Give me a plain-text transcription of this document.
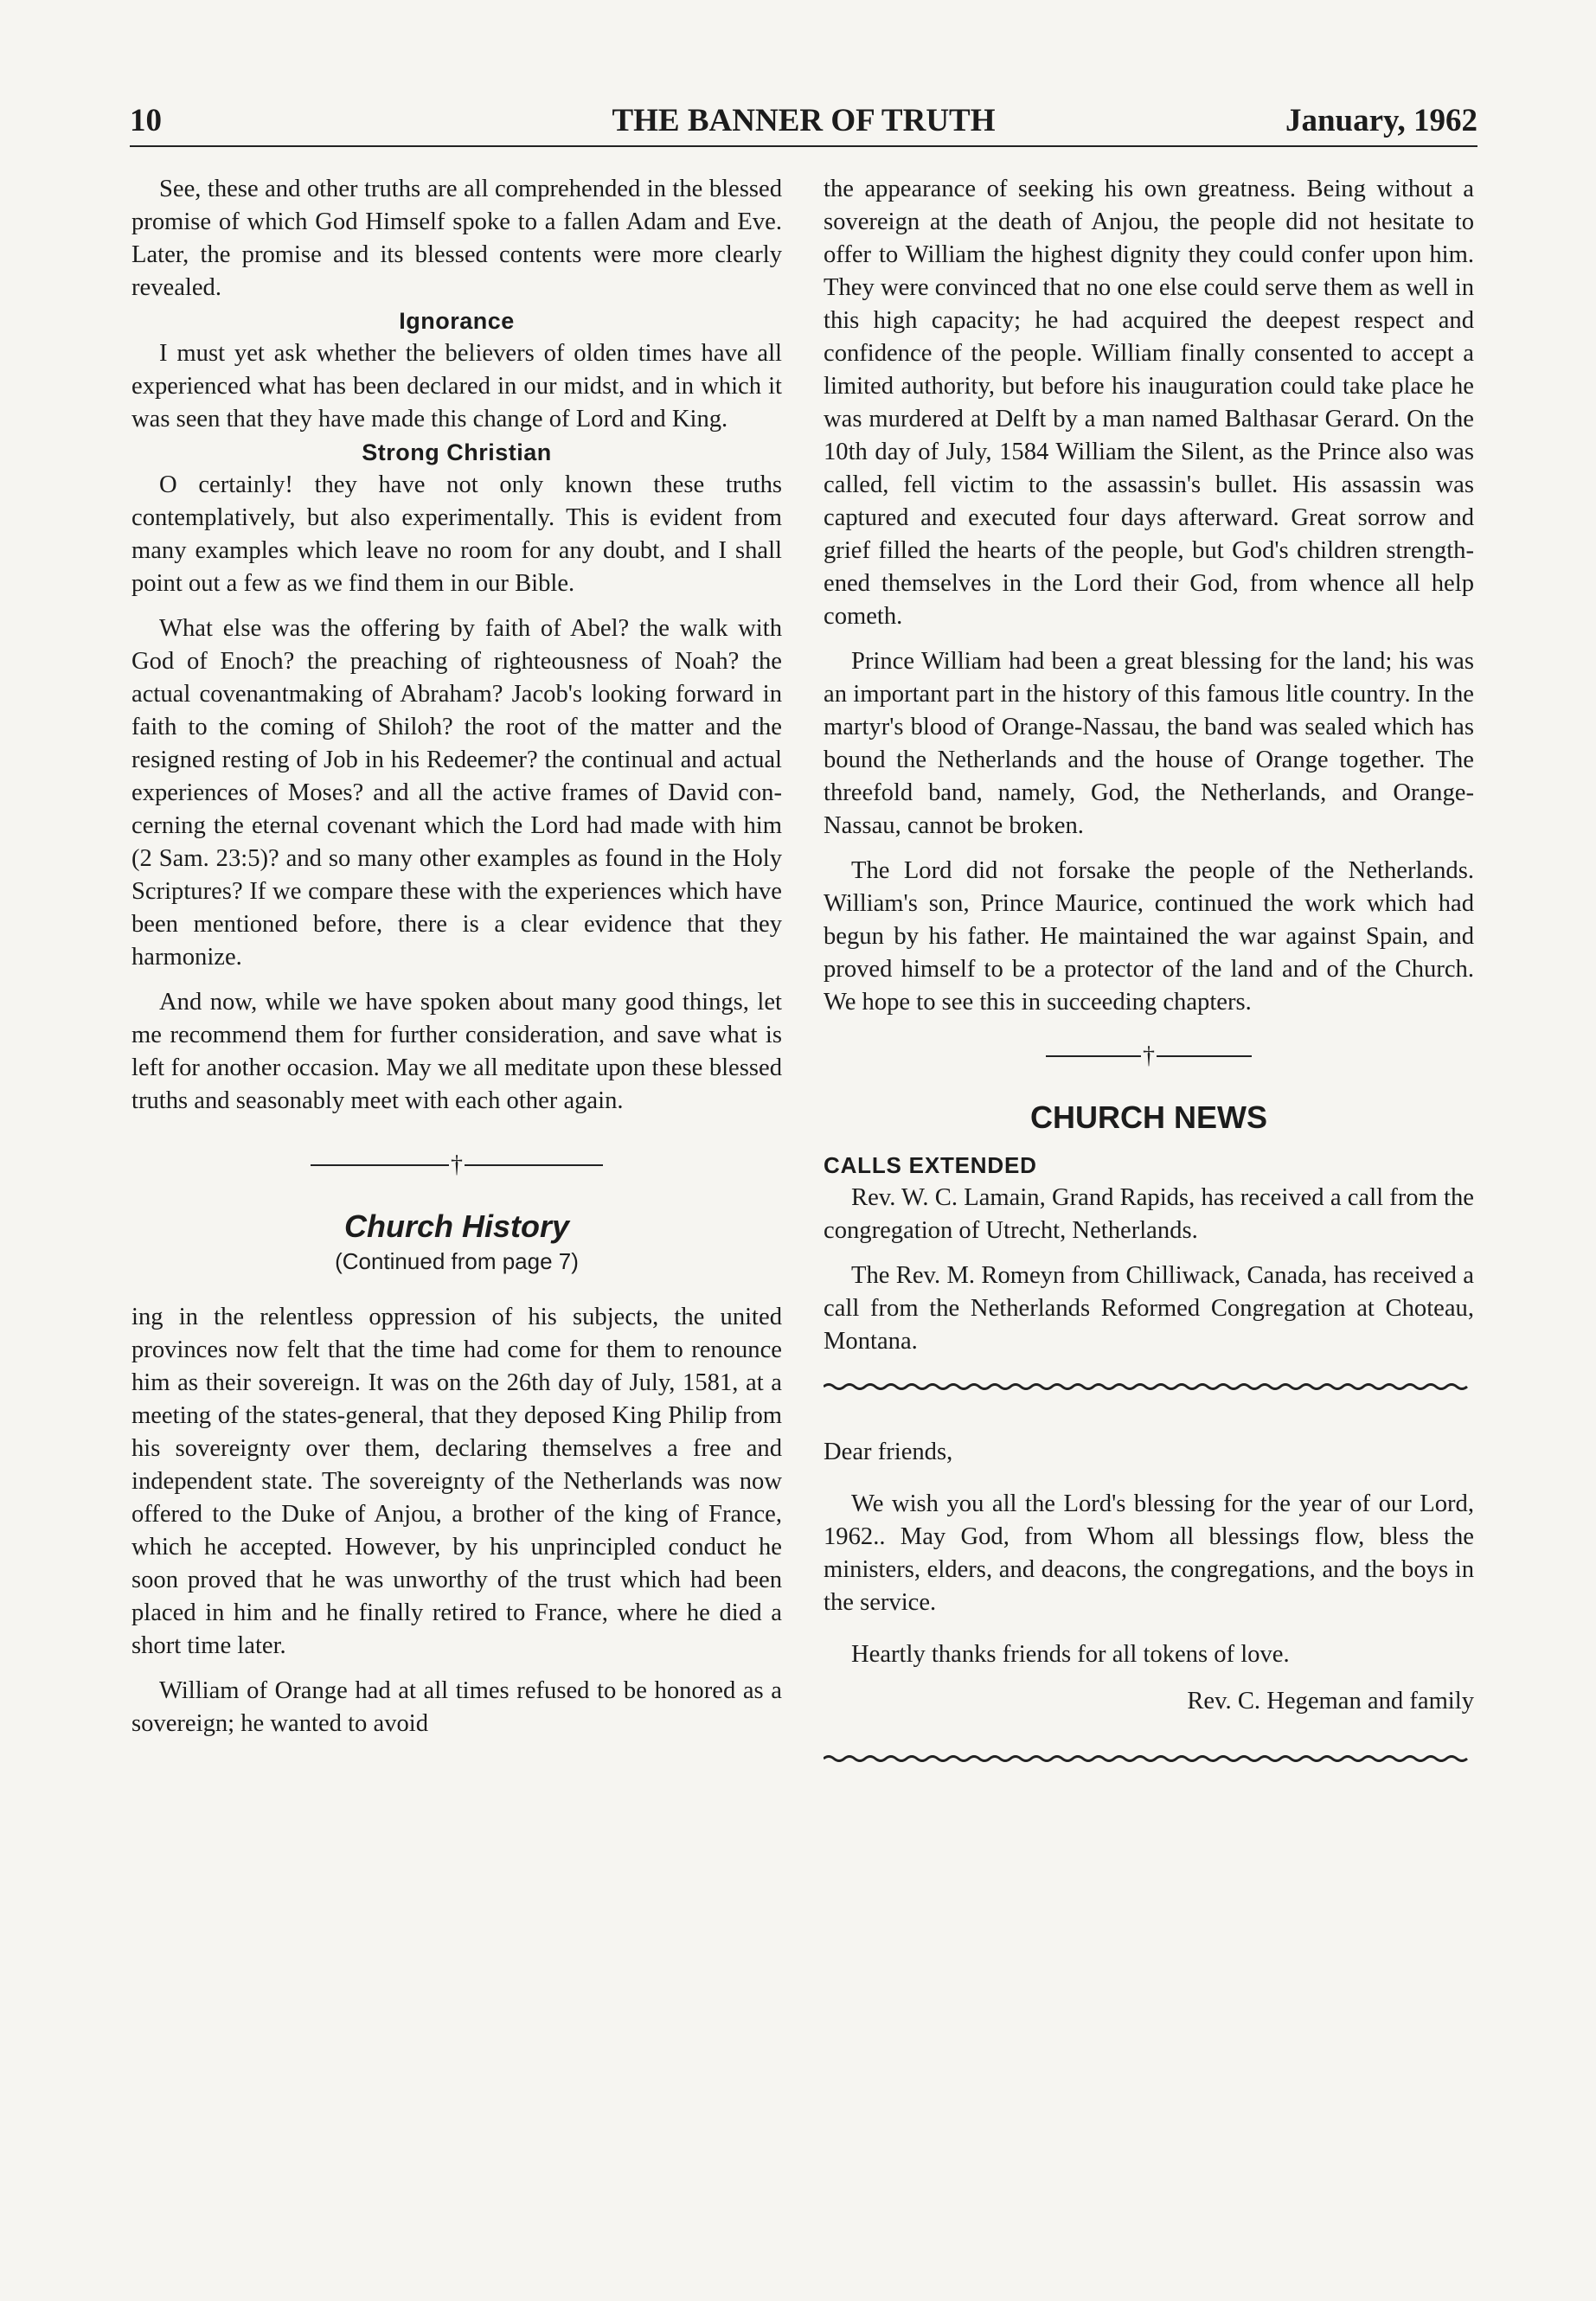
THE BANNER OF TRUTH
10	January, 1962

See, these and other truths are all comprehended in the blessed promise of which God Himself spoke to a fallen Adam and Eve. Later, the promise and its blessed contents were more clearly revealed.

Ignorance

I must yet ask whether the believers of olden times have all experienced what has been declared in our midst, and in which it was seen that they have made this change of Lord and King.

Strong Christian

O certainly! they have not only known these truths contemplatively, but also experimentally. This is evident from many examples which leave no room for any doubt, and I shall point out a few as we find them in our Bible.

What else was the offering by faith of Abel? the walk with God of Enoch? the preaching of righteousness of Noah? the actual covenantmaking of Abraham? Jacob's looking forward in faith to the coming of Shiloh? the root of the matter and the resigned resting of Job in his Redeemer? the continual and actual experiences of Moses? and all the active frames of David concerning the eternal covenant which the Lord had made with him (2 Sam. 23:5)? and so many other examples as found in the Holy Scriptures? If we compare these with the experiences which have been mentioned before, there is a clear evidence that they harmonize.

And now, while we have spoken about many good things, let me recommend them for further consideration, and save what is left for another occasion. May we all meditate upon these blessed truths and seasonably meet with each other again.

†
Church History
(Continued from page 7)

ing in the relentless oppression of his subjects, the united provinces now felt that the time had come for them to renounce him as their sovereign. It was on the 26th day of July, 1581, at a meeting of the states-general, that they deposed King Philip from his sovereignty over them, declaring themselves a free and independent state. The sovereignty of the Netherlands was now offered to the Duke of Anjou, a brother of the king of France, which he accepted. However, by his unprincipled conduct he soon proved that he was unworthy of the trust which had been placed in him and he finally retired to France, where he died a short time later.

William of Orange had at all times refused to be honored as a sovereign; he wanted to avoid

the appearance of seeking his own greatness. Being without a sovereign at the death of Anjou, the people did not hesitate to offer to William the highest dignity they could confer upon him. They were convinced that no one else could serve them as well in this high capacity; he had acquired the deepest respect and confidence of the people. William finally consented to accept a limited authority, but before his inauguration could take place he was murdered at Delft by a man named Balthasar Gerard. On the 10th day of July, 1584 William the Silent, as the Prince also was called, fell victim to the assassin's bullet. His assassin was captured and executed four days afterward. Great sorrow and grief filled the hearts of the people, but God's children strengthened themselves in the Lord their God, from whence all help cometh.

Prince William had been a great blessing for the land; his was an important part in the history of this famous litle country. In the martyr's blood of Orange-Nassau, the band was sealed which has bound the Netherlands and the house of Orange together. The threefold band, namely, God, the Netherlands, and Orange-Nassau, cannot be broken.

The Lord did not forsake the people of the Netherlands. William's son, Prince Maurice, continued the work which had begun by his father. He maintained the war against Spain, and proved himself to be a protector of the land and of the Church. We hope to see this in succeeding chapters.

†
CHURCH NEWS
CALLS EXTENDED

Rev. W. C. Lamain, Grand Rapids, has received a call from the congregation of Utrecht, Netherlands.

The Rev. M. Romeyn from Chilliwack, Canada, has received a call from the Netherlands Reformed Congregation at Choteau, Montana.

Dear friends,

We wish you all the Lord's blessing for the year of our Lord, 1962.. May God, from Whom all blessings flow, bless the ministers, elders, and deacons, the congregations, and the boys in the service.

Heartly thanks friends for all tokens of love.

Rev. C. Hegeman and family
